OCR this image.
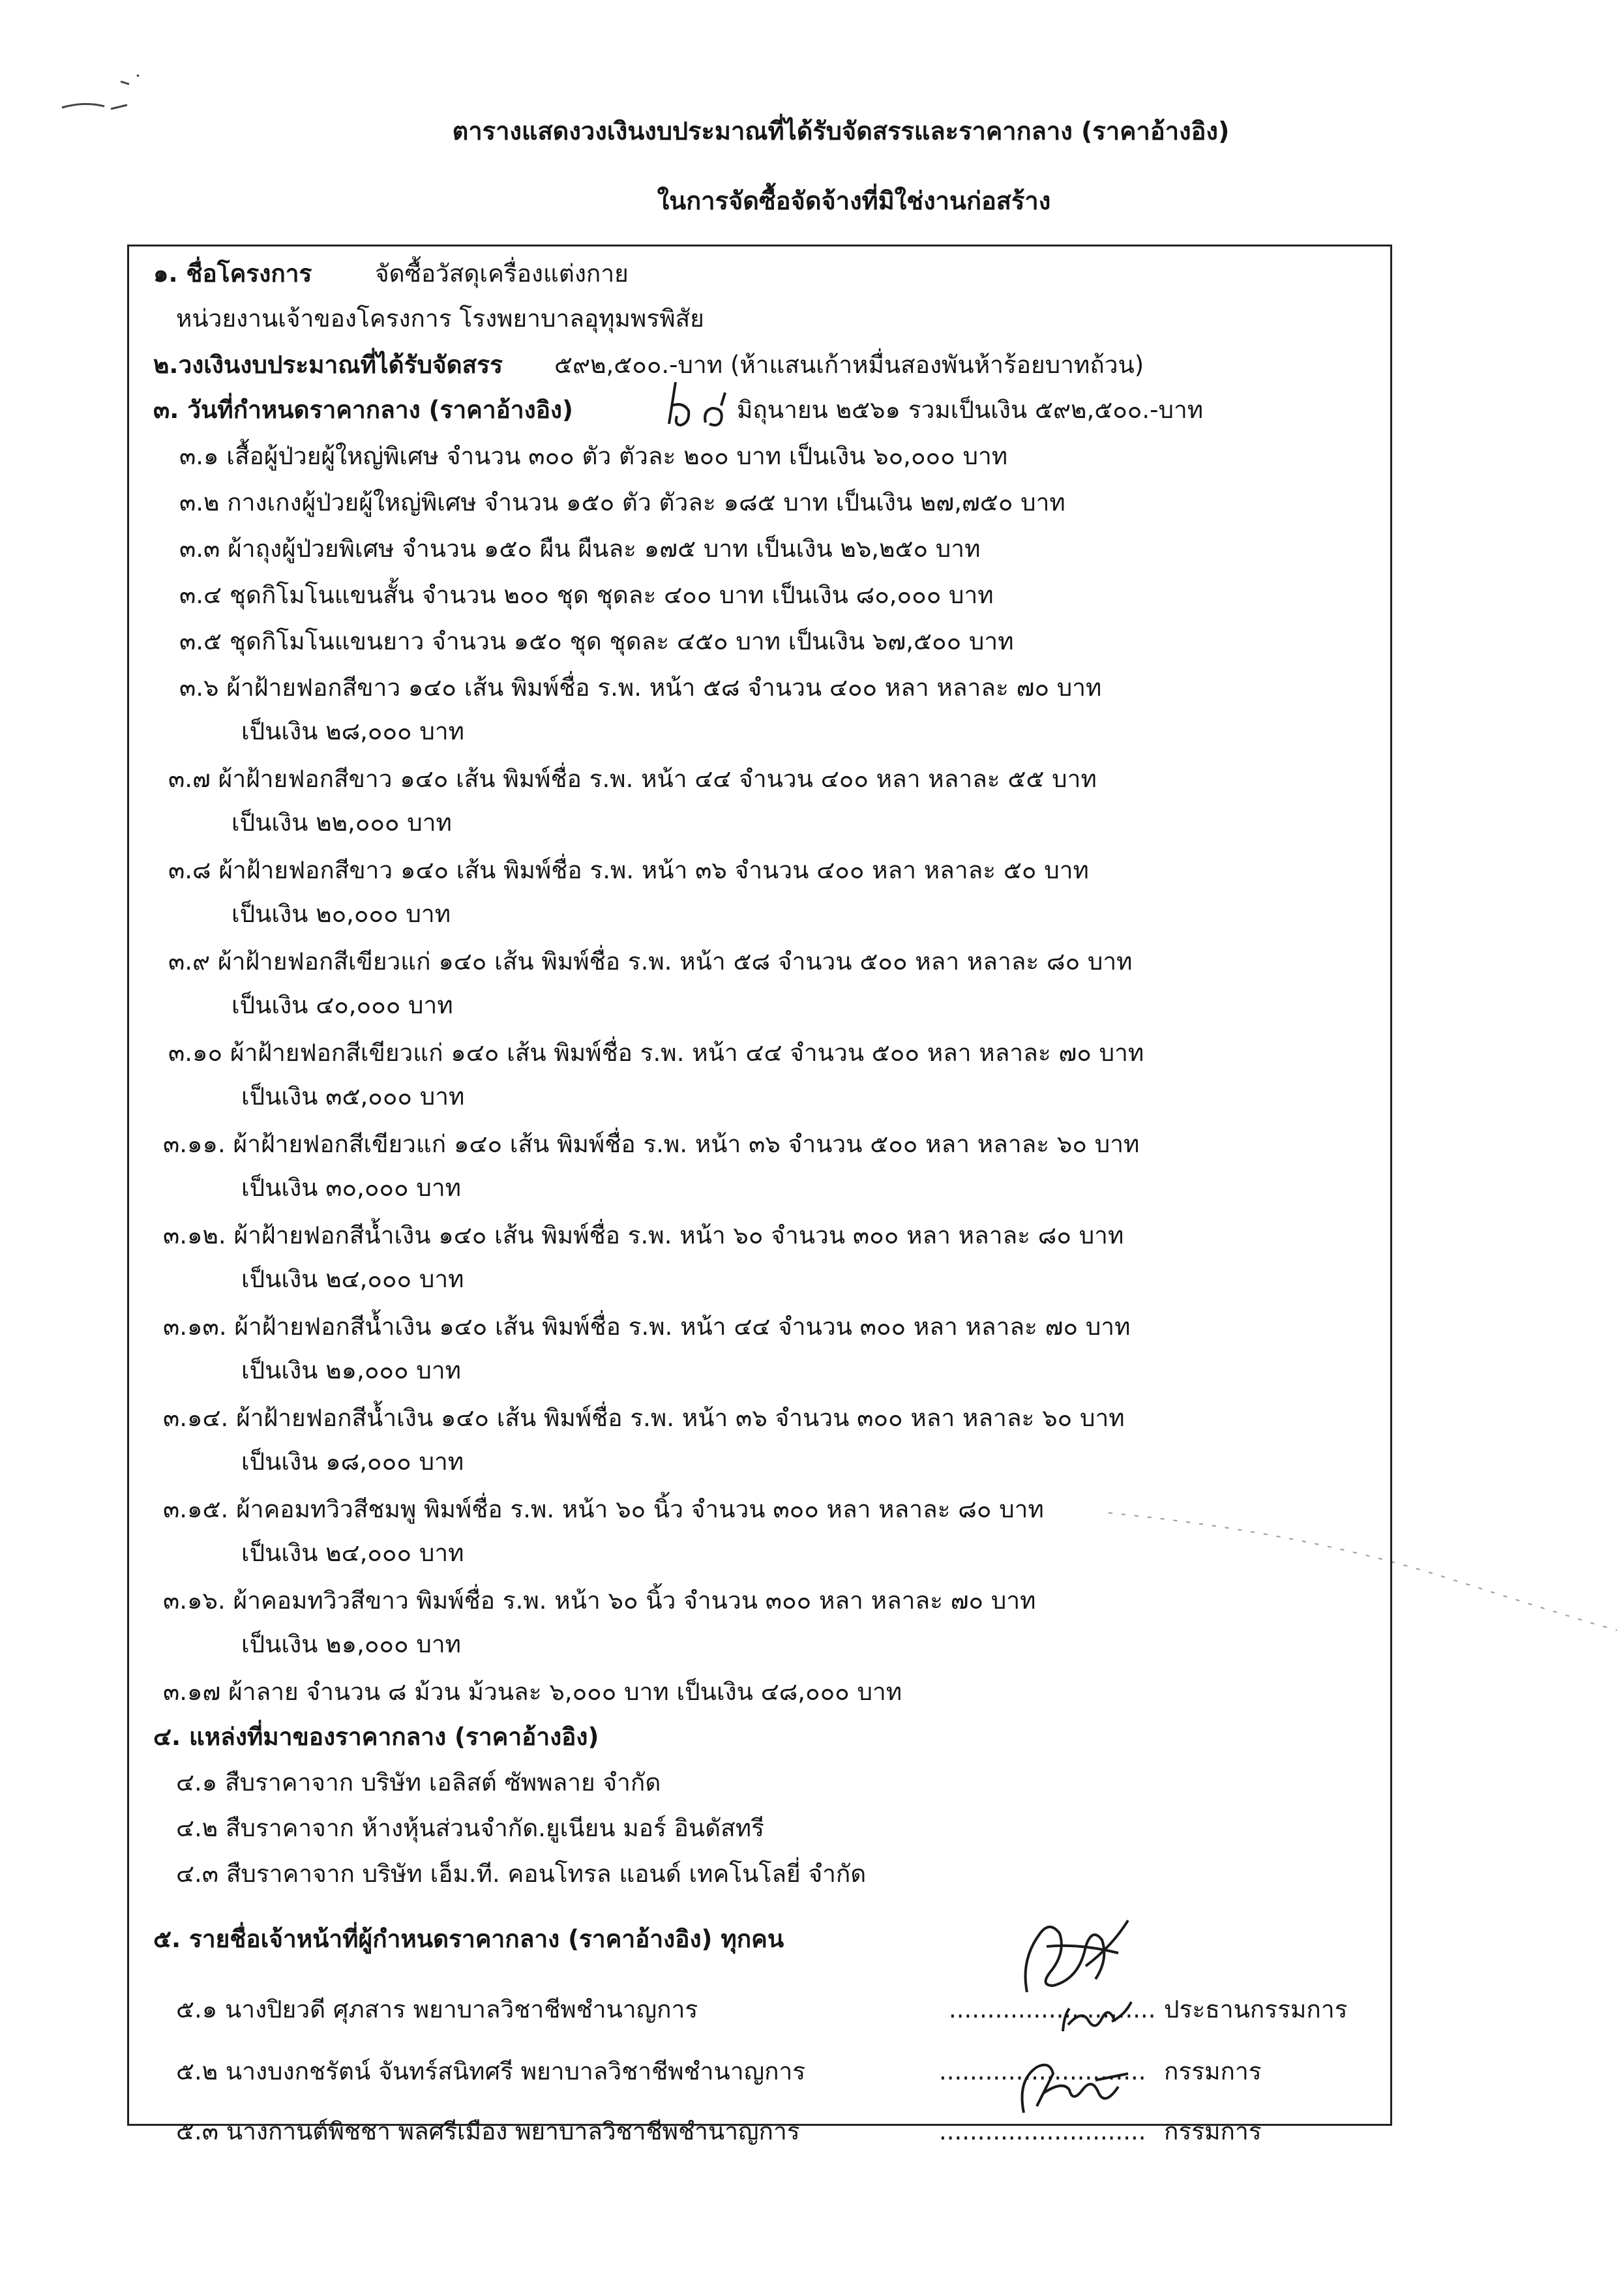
ตารางแสดงวงเงินงบประมาณที่ได้รับจัดสรรและราคากลาง (ราคาอ้างอิง)
ในการจัดซื้อจัดจ้างที่มิใช่งานก่อสร้าง
๑. ชื่อโครงการ	จัดซื้อวัสดุเครื่องแต่งกาย
หน่วยงานเจ้าของโครงการ โรงพยาบาลอุทุมพรพิสัย
๒.วงเงินงบประมาณที่ได้รับจัดสรร ๕๙๒,๕๐๐.-บาท (ห้าแสนเก้าหมื่นสองพันห้าร้อยบาทถ้วน)
๓. วันที่กำหนดราคากลาง (ราคาอ้างอิง)	มิถุนายน ๒๕๖๑ รวมเป็นเงิน ๕๙๒,๕๐๐.-บาท
๓.๑ เสื้อผู้ป่วยผู้ใหญ่พิเศษ จำนวน ๓๐๐ ตัว ตัวละ ๒๐๐ บาท เป็นเงิน ๖๐,๐๐๐ บาท
๓.๒ กางเกงผู้ป่วยผู้ใหญ่พิเศษ จำนวน ๑๕๐ ตัว ตัวละ ๑๘๕ บาท เป็นเงิน ๒๗,๗๕๐ บาท
๓.๓ ผ้าถุงผู้ป่วยพิเศษ จำนวน ๑๕๐ ผืน ผืนละ ๑๗๕ บาท เป็นเงิน ๒๖,๒๕๐ บาท
๓.๔ ชุดกิโมโนแขนสั้น จำนวน ๒๐๐ ชุด ชุดละ ๔๐๐ บาท เป็นเงิน ๘๐,๐๐๐ บาท
๓.๕ ชุดกิโมโนแขนยาว จำนวน ๑๕๐ ชุด ชุดละ ๔๕๐ บาท เป็นเงิน ๖๗,๕๐๐ บาท
๓.๖ ผ้าฝ้ายฟอกสีขาว ๑๔๐ เส้น พิมพ์ชื่อ ร.พ. หน้า ๕๘ จำนวน ๔๐๐ หลา หลาละ ๗๐ บาท
เป็นเงิน ๒๘,๐๐๐ บาท
๓.๗ ผ้าฝ้ายฟอกสีขาว ๑๔๐ เส้น พิมพ์ชื่อ ร.พ. หน้า ๔๔ จำนวน ๔๐๐ หลา หลาละ ๕๕ บาท
เป็นเงิน ๒๒,๐๐๐ บาท
๓.๘ ผ้าฝ้ายฟอกสีขาว ๑๔๐ เส้น พิมพ์ชื่อ ร.พ. หน้า ๓๖ จำนวน ๔๐๐ หลา หลาละ ๕๐ บาท
เป็นเงิน ๒๐,๐๐๐ บาท
๓.๙ ผ้าฝ้ายฟอกสีเขียวแก่ ๑๔๐ เส้น พิมพ์ชื่อ ร.พ. หน้า ๕๘ จำนวน ๕๐๐ หลา หลาละ ๘๐ บาท
เป็นเงิน ๔๐,๐๐๐ บาท
๓.๑๐ ผ้าฝ้ายฟอกสีเขียวแก่ ๑๔๐ เส้น พิมพ์ชื่อ ร.พ. หน้า ๔๔ จำนวน ๕๐๐ หลา หลาละ ๗๐ บาท
เป็นเงิน ๓๕,๐๐๐ บาท
๓.๑๑. ผ้าฝ้ายฟอกสีเขียวแก่ ๑๔๐ เส้น พิมพ์ชื่อ ร.พ. หน้า ๓๖ จำนวน ๕๐๐ หลา หลาละ ๖๐ บาท
เป็นเงิน ๓๐,๐๐๐ บาท
๓.๑๒. ผ้าฝ้ายฟอกสีน้ำเงิน ๑๔๐ เส้น พิมพ์ชื่อ ร.พ. หน้า ๖๐ จำนวน ๓๐๐ หลา หลาละ ๘๐ บาท
เป็นเงิน ๒๔,๐๐๐ บาท
๓.๑๓. ผ้าฝ้ายฟอกสีน้ำเงิน ๑๔๐ เส้น พิมพ์ชื่อ ร.พ. หน้า ๔๔ จำนวน ๓๐๐ หลา หลาละ ๗๐ บาท
เป็นเงิน ๒๑,๐๐๐ บาท
๓.๑๔. ผ้าฝ้ายฟอกสีน้ำเงิน ๑๔๐ เส้น พิมพ์ชื่อ ร.พ. หน้า ๓๖ จำนวน ๓๐๐ หลา หลาละ ๖๐ บาท
เป็นเงิน ๑๘,๐๐๐ บาท
๓.๑๕. ผ้าคอมทวิวสีชมพู พิมพ์ชื่อ ร.พ. หน้า ๖๐ นิ้ว จำนวน ๓๐๐ หลา หลาละ ๘๐ บาท
เป็นเงิน ๒๔,๐๐๐ บาท
๓.๑๖. ผ้าคอมทวิวสีขาว พิมพ์ชื่อ ร.พ. หน้า ๖๐ นิ้ว จำนวน ๓๐๐ หลา หลาละ ๗๐ บาท
เป็นเงิน ๒๑,๐๐๐ บาท
๓.๑๗ ผ้าลาย จำนวน ๘ ม้วน ม้วนละ ๖,๐๐๐ บาท เป็นเงิน ๔๘,๐๐๐ บาท
๔. แหล่งที่มาของราคากลาง (ราคาอ้างอิง)
๔.๑ สืบราคาจาก บริษัท เอลิสต์ ซัพพลาย จำกัด
๔.๒ สืบราคาจาก ห้างหุ้นส่วนจำกัด.ยูเนียน มอร์ อินดัสทรี
๔.๓ สืบราคาจาก บริษัท เอ็ม.ที. คอนโทรล แอนด์ เทคโนโลยี่ จำกัด
๕. รายชื่อเจ้าหน้าที่ผู้กำหนดราคากลาง (ราคาอ้างอิง) ทุกคน
๕.๑ นางปิยวดี ศุภสาร พยาบาลวิชาชีพชำนาญการ	........................... ประธานกรรมการ
๕.๒ นางบงกชรัตน์ จันทร์สนิทศรี พยาบาลวิชาชีพชำนาญการ	........................... กรรมการ
๕.๓ นางกานต์พิชชา พลศรีเมือง พยาบาลวิชาชีพชำนาญการ	........................... กรรมการ
